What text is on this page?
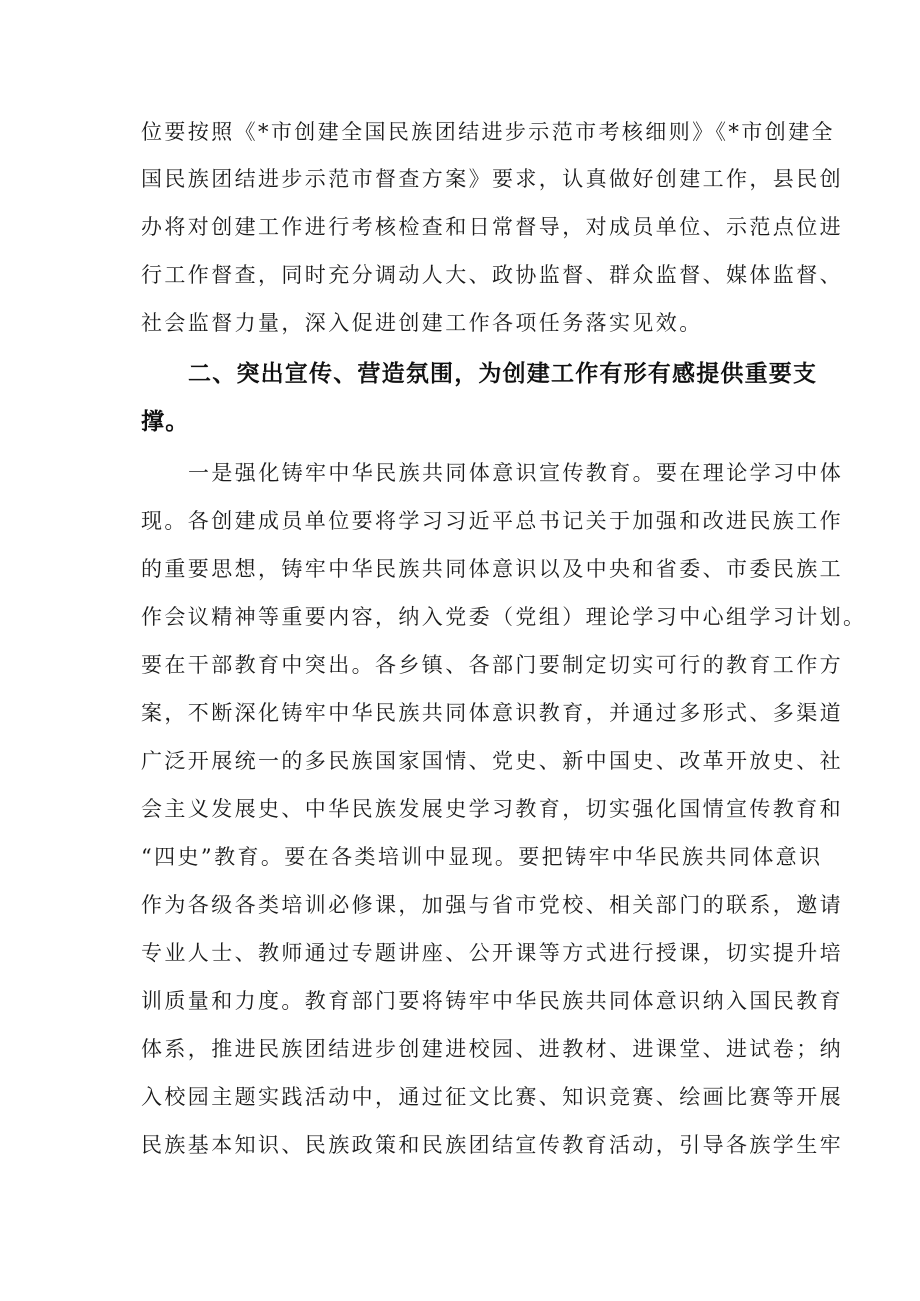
位要按照《*市创建全国民族团结进步示范市考核细则》《*市创建全
国民族团结进步示范市督查方案》要求，认真做好创建工作，县民创
办将对创建工作进行考核检查和日常督导，对成员单位、示范点位进
行工作督查，同时充分调动人大、政协监督、群众监督、媒体监督、
社会监督力量，深入促进创建工作各项任务落实见效。
二、突出宣传、营造氛围，为创建工作有形有感提供重要支
撑。
一是强化铸牢中华民族共同体意识宣传教育。要在理论学习中体
现。各创建成员单位要将学习习近平总书记关于加强和改进民族工作
的重要思想，铸牢中华民族共同体意识以及中央和省委、市委民族工
作会议精神等重要内容，纳入党委（党组）理论学习中心组学习计划。
要在干部教育中突出。各乡镇、各部门要制定切实可行的教育工作方
案，不断深化铸牢中华民族共同体意识教育，并通过多形式、多渠道
广泛开展统一的多民族国家国情、党史、新中国史、改革开放史、社
会主义发展史、中华民族发展史学习教育，切实强化国情宣传教育和
“四史”教育。要在各类培训中显现。要把铸牢中华民族共同体意识
作为各级各类培训必修课，加强与省市党校、相关部门的联系，邀请
专业人士、教师通过专题讲座、公开课等方式进行授课，切实提升培
训质量和力度。教育部门要将铸牢中华民族共同体意识纳入国民教育
体系，推进民族团结进步创建进校园、进教材、进课堂、进试卷；纳
入校园主题实践活动中，通过征文比赛、知识竞赛、绘画比赛等开展
民族基本知识、民族政策和民族团结宣传教育活动，引导各族学生牢
